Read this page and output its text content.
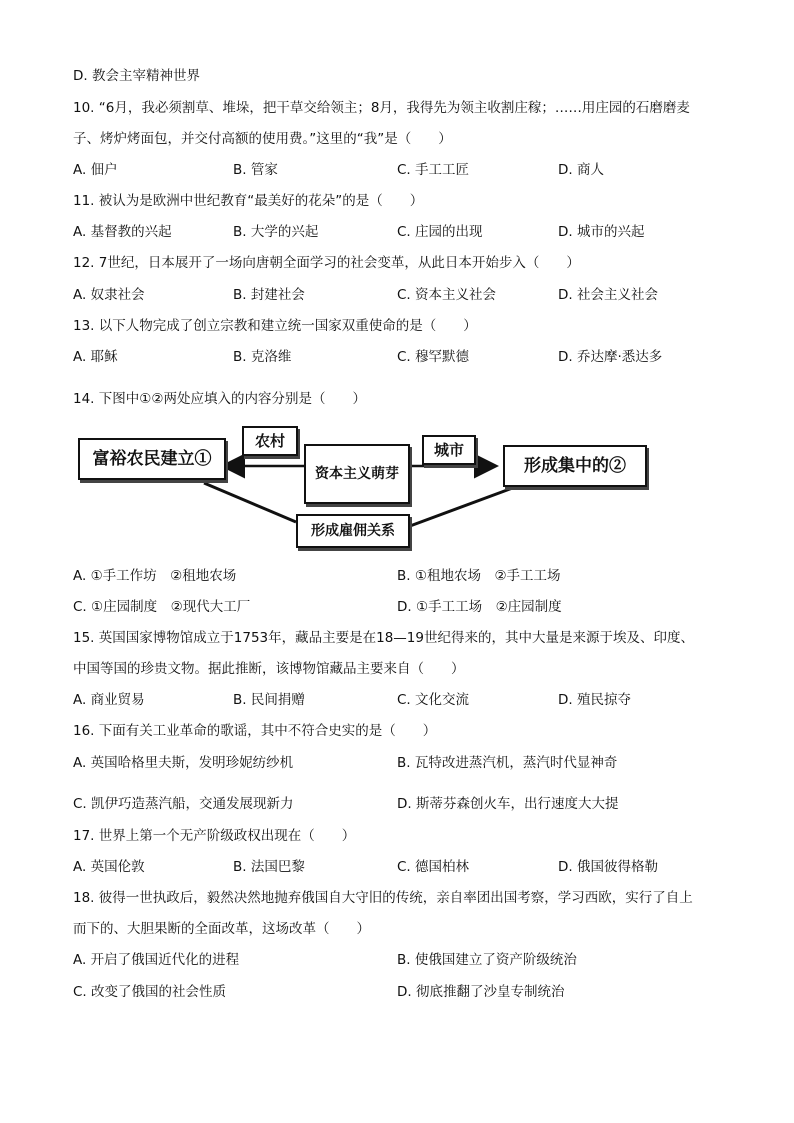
D. 教会主宰精神世界
10. “6月，我必须割草、堆垛，把干草交给领主；8月，我得先为领主收割庄稼；……用庄园的石磨磨麦
子、烤炉烤面包，并交付高额的使用费。”这里的“我”是（　　）
A. 佃户	B. 管家	C. 手工工匠	D. 商人
11. 被认为是欧洲中世纪教育“最美好的花朵”的是（　　）
A. 基督教的兴起	B. 大学的兴起	C. 庄园的出现	D. 城市的兴起
12. 7世纪，日本展开了一场向唐朝全面学习的社会变革，从此日本开始步入（　　）
A. 奴隶社会	B. 封建社会	C. 资本主义社会	D. 社会主义社会
13. 以下人物完成了创立宗教和建立统一国家双重使命的是（　　）
A. 耶稣	B. 克洛维	C. 穆罕默德	D. 乔达摩·悉达多
14. 下图中①②两处应填入的内容分别是（　　）
富裕农民建立①
农村
资本主义萌芽
城市
形成雇佣关系
形成集中的②
A. ①手工作坊　②租地农场	B. ①租地农场　②手工工场
C. ①庄园制度　②现代大工厂	D. ①手工工场　②庄园制度
15. 英国国家博物馆成立于1753年，藏品主要是在18—19世纪得来的，其中大量是来源于埃及、印度、
中国等国的珍贵文物。据此推断，该博物馆藏品主要来自（　　）
A. 商业贸易	B. 民间捐赠	C. 文化交流	D. 殖民掠夺
16. 下面有关工业革命的歌谣，其中不符合史实的是（　　）
A. 英国哈格里夫斯，发明珍妮纺纱机	B. 瓦特改进蒸汽机，蒸汽时代显神奇
C. 凯伊巧造蒸汽船，交通发展现新力	D. 斯蒂芬森创火车，出行速度大大提
17. 世界上第一个无产阶级政权出现在（　　）
A. 英国伦敦	B. 法国巴黎	C. 德国柏林	D. 俄国彼得格勒
18. 彼得一世执政后，毅然决然地抛弃俄国自大守旧的传统，亲自率团出国考察，学习西欧，实行了自上
而下的、大胆果断的全面改革，这场改革（　　）
A. 开启了俄国近代化的进程	B. 使俄国建立了资产阶级统治
C. 改变了俄国的社会性质	D. 彻底推翻了沙皇专制统治
